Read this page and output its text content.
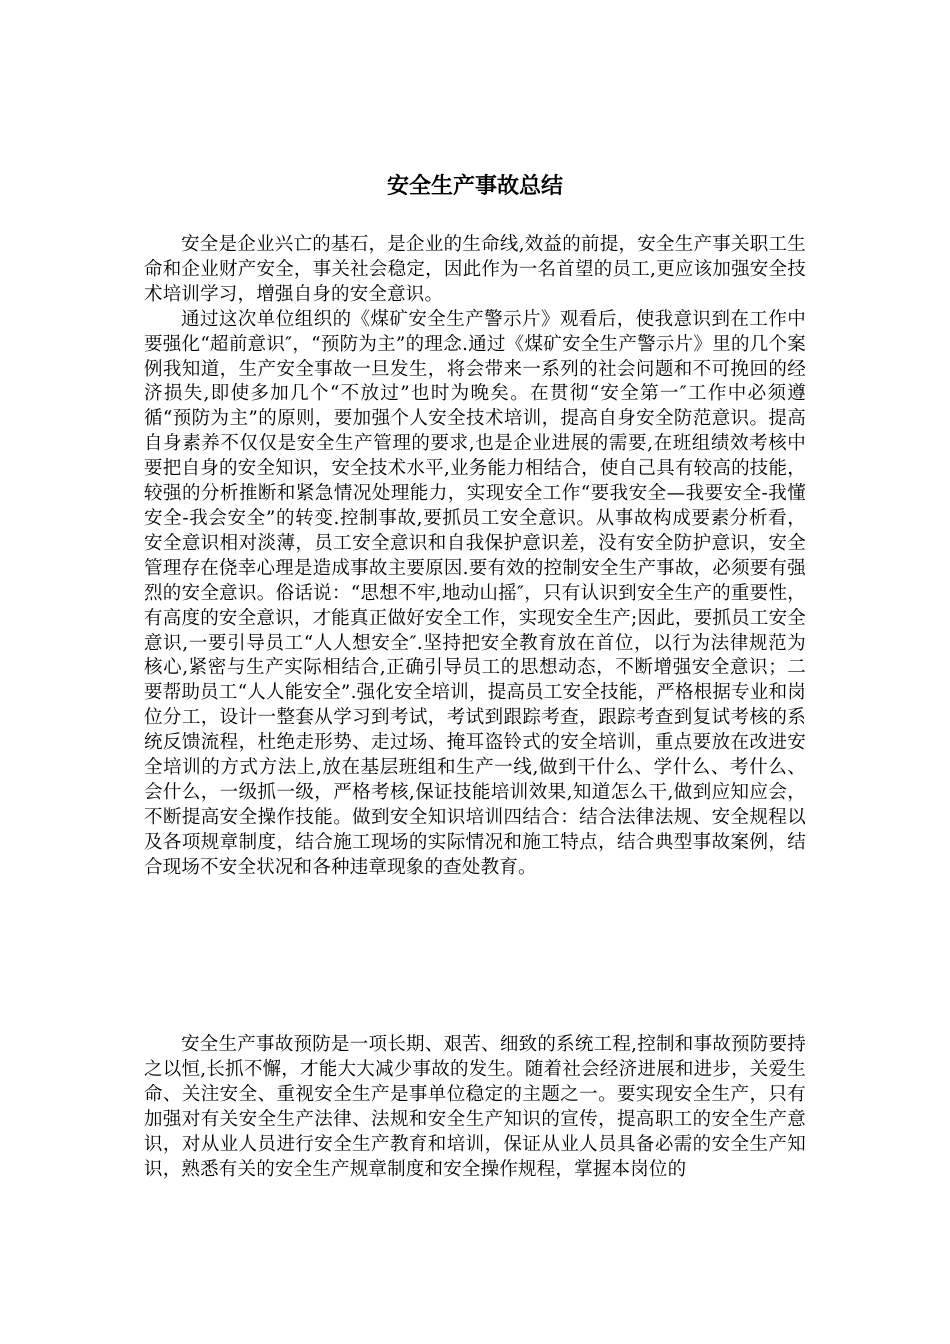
安全生产事故总结

安全是企业兴亡的基石，是企业的生命线,效益的前提，安全生产事关职工生命和企业财产安全，事关社会稳定，因此作为一名首望的员工,更应该加强安全技术培训学习，增强自身的安全意识。

通过这次单位组织的《煤矿安全生产警示片》观看后，使我意识到在工作中要强化“超前意识″，“预防为主”的理念.通过《煤矿安全生产警示片》里的几个案例我知道，生产安全事故一旦发生，将会带来一系列的社会问题和不可挽回的经济损失,即使多加几个“不放过”也时为晚矣。在贯彻“安全第一″工作中必须遵循“预防为主”的原则，要加强个人安全技术培训，提高自身安全防范意识。提高自身素养不仅仅是安全生产管理的要求,也是企业进展的需要,在班组绩效考核中要把自身的安全知识，安全技术水平,业务能力相结合，使自己具有较高的技能，较强的分析推断和紧急情况处理能力，实现安全工作“要我安全—我要安全-我懂安全-我会安全”的转变.控制事故,要抓员工安全意识。从事故构成要素分析看，安全意识相对淡薄，员工安全意识和自我保护意识差，没有安全防护意识，安全管理存在侥幸心理是造成事故主要原因.要有效的控制安全生产事故，必须要有强烈的安全意识。俗话说：“思想不牢,地动山摇″，只有认识到安全生产的重要性，有高度的安全意识，才能真正做好安全工作，实现安全生产;因此，要抓员工安全意识,一要引导员工“人人想安全″.坚持把安全教育放在首位，以行为法律规范为核心,紧密与生产实际相结合,正确引导员工的思想动态，不断增强安全意识；二要帮助员工“人人能安全”.强化安全培训，提高员工安全技能，严格根据专业和岗位分工，设计一整套从学习到考试，考试到跟踪考查，跟踪考查到复试考核的系统反馈流程，杜绝走形势、走过场、掩耳盗铃式的安全培训，重点要放在改进安全培训的方式方法上,放在基层班组和生产一线,做到干什么、学什么、考什么、会什么，一级抓一级，严格考核,保证技能培训效果,知道怎么干,做到应知应会，不断提高安全操作技能。做到安全知识培训四结合：结合法律法规、安全规程以及各项规章制度，结合施工现场的实际情况和施工特点，结合典型事故案例，结合现场不安全状况和各种违章现象的查处教育。

安全生产事故预防是一项长期、艰苦、细致的系统工程,控制和事故预防要持之以恒,长抓不懈，才能大大减少事故的发生。随着社会经济进展和进步，关爱生命、关注安全、重视安全生产是事单位稳定的主题之一。要实现安全生产，只有加强对有关安全生产法律、法规和安全生产知识的宣传，提高职工的安全生产意识，对从业人员进行安全生产教育和培训，保证从业人员具备必需的安全生产知识，熟悉有关的安全生产规章制度和安全操作规程，掌握本岗位的
